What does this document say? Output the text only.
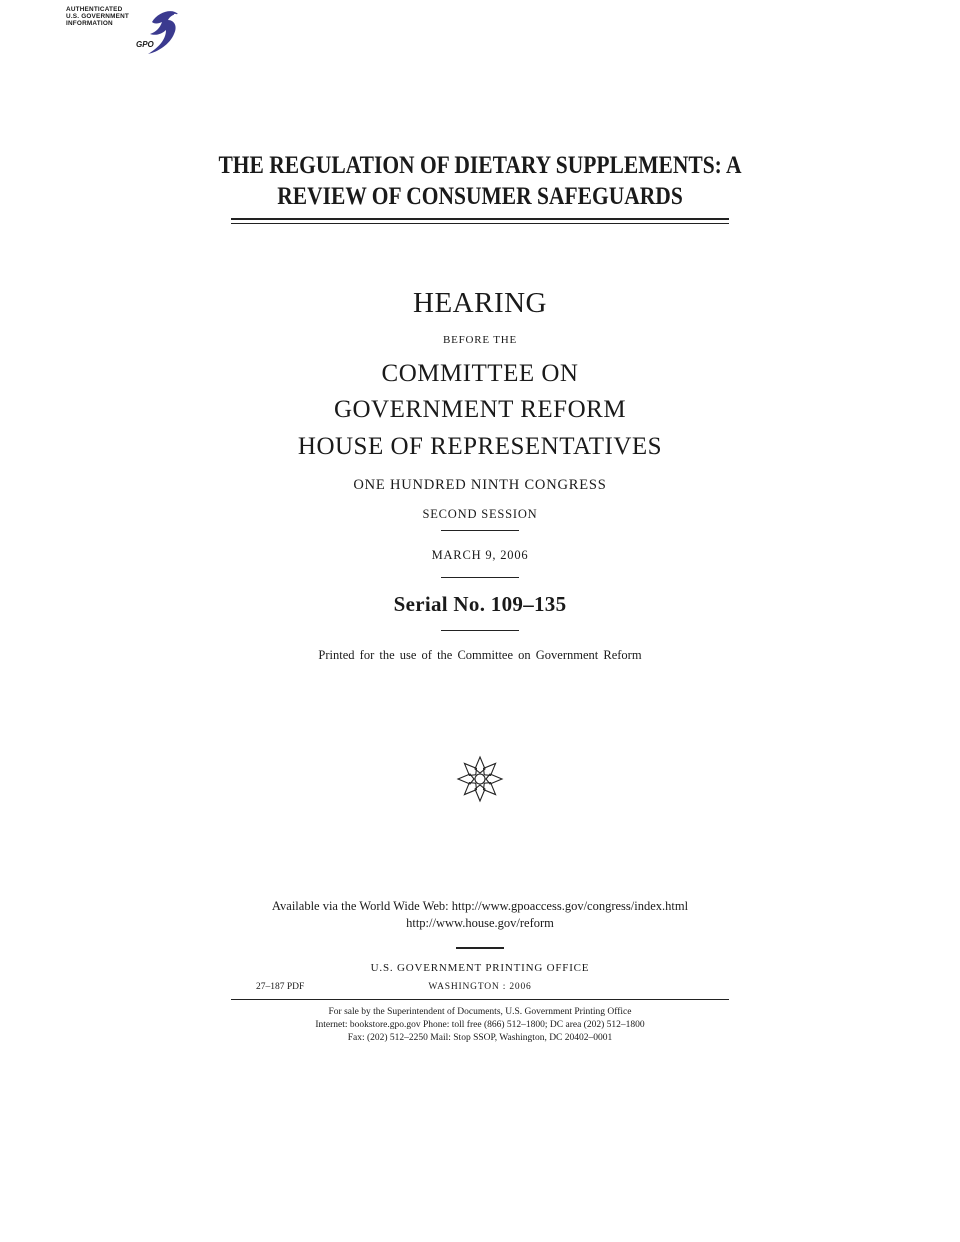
AUTHENTICATED
U.S. GOVERNMENT
INFORMATION
GPO
THE REGULATION OF DIETARY SUPPLEMENTS: A
REVIEW OF CONSUMER SAFEGUARDS
HEARING
BEFORE THE
COMMITTEE ON
GOVERNMENT REFORM
HOUSE OF REPRESENTATIVES
ONE HUNDRED NINTH CONGRESS
SECOND SESSION
MARCH 9, 2006
Serial No. 109–135
Printed for the use of the Committee on Government Reform
Available via the World Wide Web: http://www.gpoaccess.gov/congress/index.html
http://www.house.gov/reform
U.S. GOVERNMENT PRINTING OFFICE
27–187 PDF	WASHINGTON : 2006
For sale by the Superintendent of Documents, U.S. Government Printing Office
Internet: bookstore.gpo.gov Phone: toll free (866) 512–1800; DC area (202) 512–1800
Fax: (202) 512–2250 Mail: Stop SSOP, Washington, DC 20402–0001
